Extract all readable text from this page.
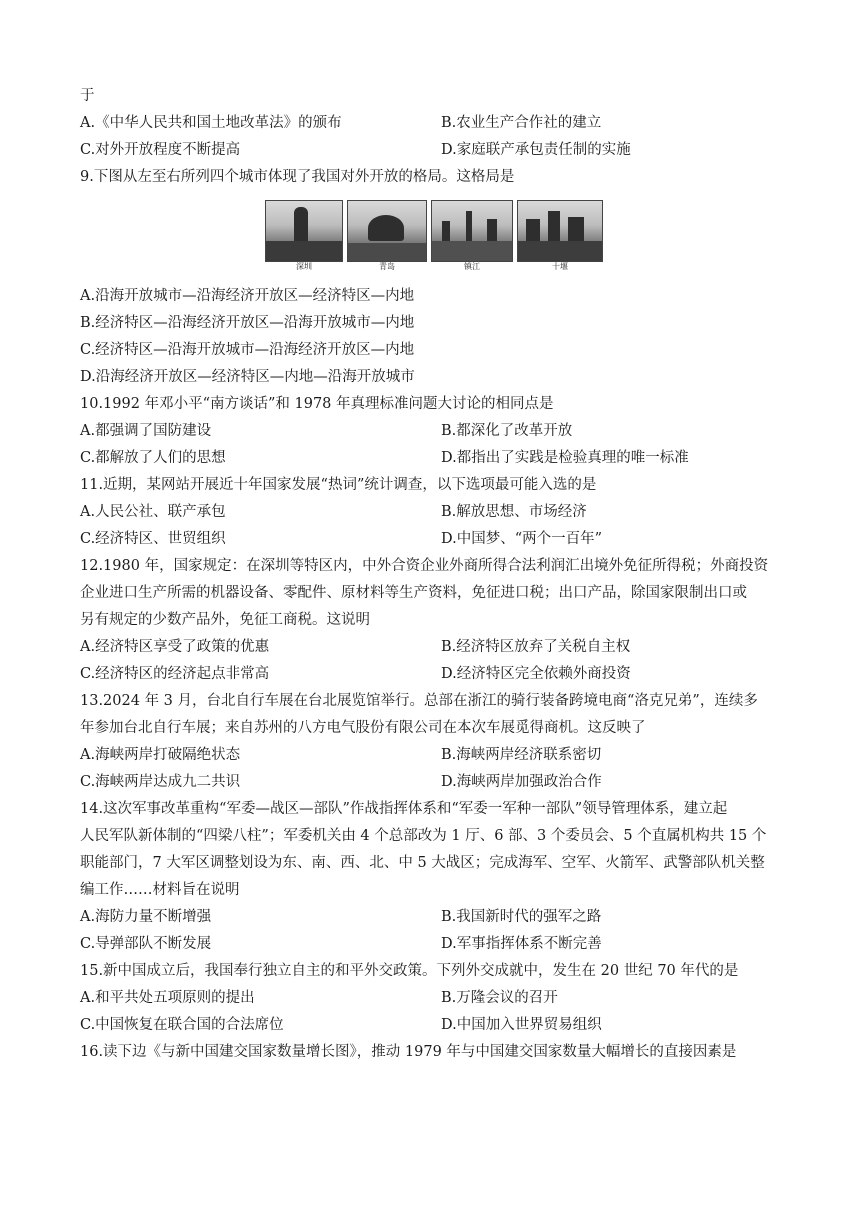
于
A.《中华人民共和国土地改革法》的颁布	B.农业生产合作社的建立
C.对外开放程度不断提高	D.家庭联产承包责任制的实施
9.下图从左至右所列四个城市体现了我国对外开放的格局。这格局是
深圳	青岛	镇江	十堰
A.沿海开放城市—沿海经济开放区—经济特区—内地
B.经济特区—沿海经济开放区—沿海开放城市—内地
C.经济特区—沿海开放城市—沿海经济开放区—内地
D.沿海经济开放区—经济特区—内地—沿海开放城市
10.1992 年邓小平“南方谈话”和 1978 年真理标准问题大讨论的相同点是
A.都强调了国防建设	B.都深化了改革开放
C.都解放了人们的思想	D.都指出了实践是检验真理的唯一标准
11.近期，某网站开展近十年国家发展“热词”统计调查，以下选项最可能入选的是
A.人民公社、联产承包	B.解放思想、市场经济
C.经济特区、世贸组织	D.中国梦、“两个一百年”
12.1980 年，国家规定：在深圳等特区内，中外合资企业外商所得合法利润汇出境外免征所得税；外商投资
企业进口生产所需的机器设备、零配件、原材料等生产资料，免征进口税；出口产品，除国家限制出口或
另有规定的少数产品外，免征工商税。这说明
A.经济特区享受了政策的优惠	B.经济特区放弃了关税自主权
C.经济特区的经济起点非常高	D.经济特区完全依赖外商投资
13.2024 年 3 月，台北自行车展在台北展览馆举行。总部在浙江的骑行装备跨境电商“洛克兄弟”，连续多
年参加台北自行车展；来自苏州的八方电气股份有限公司在本次车展觅得商机。这反映了
A.海峡两岸打破隔绝状态	B.海峡两岸经济联系密切
C.海峡两岸达成九二共识	D.海峡两岸加强政治合作
14.这次军事改革重构“军委—战区—部队”作战指挥体系和“军委一军种一部队”领导管理体系，建立起
人民军队新体制的“四梁八柱”；军委机关由 4 个总部改为 1 厅、6 部、3 个委员会、5 个直属机构共 15 个
职能部门，7 大军区调整划设为东、南、西、北、中 5 大战区；完成海军、空军、火箭军、武警部队机关整
编工作……材料旨在说明
A.海防力量不断增强	B.我国新时代的强军之路
C.导弹部队不断发展	D.军事指挥体系不断完善
15.新中国成立后，我国奉行独立自主的和平外交政策。下列外交成就中，发生在 20 世纪 70 年代的是
A.和平共处五项原则的提出	B.万隆会议的召开
C.中国恢复在联合国的合法席位	D.中国加入世界贸易组织
16.读下边《与新中国建交国家数量增长图》，推动 1979 年与中国建交国家数量大幅增长的直接因素是
